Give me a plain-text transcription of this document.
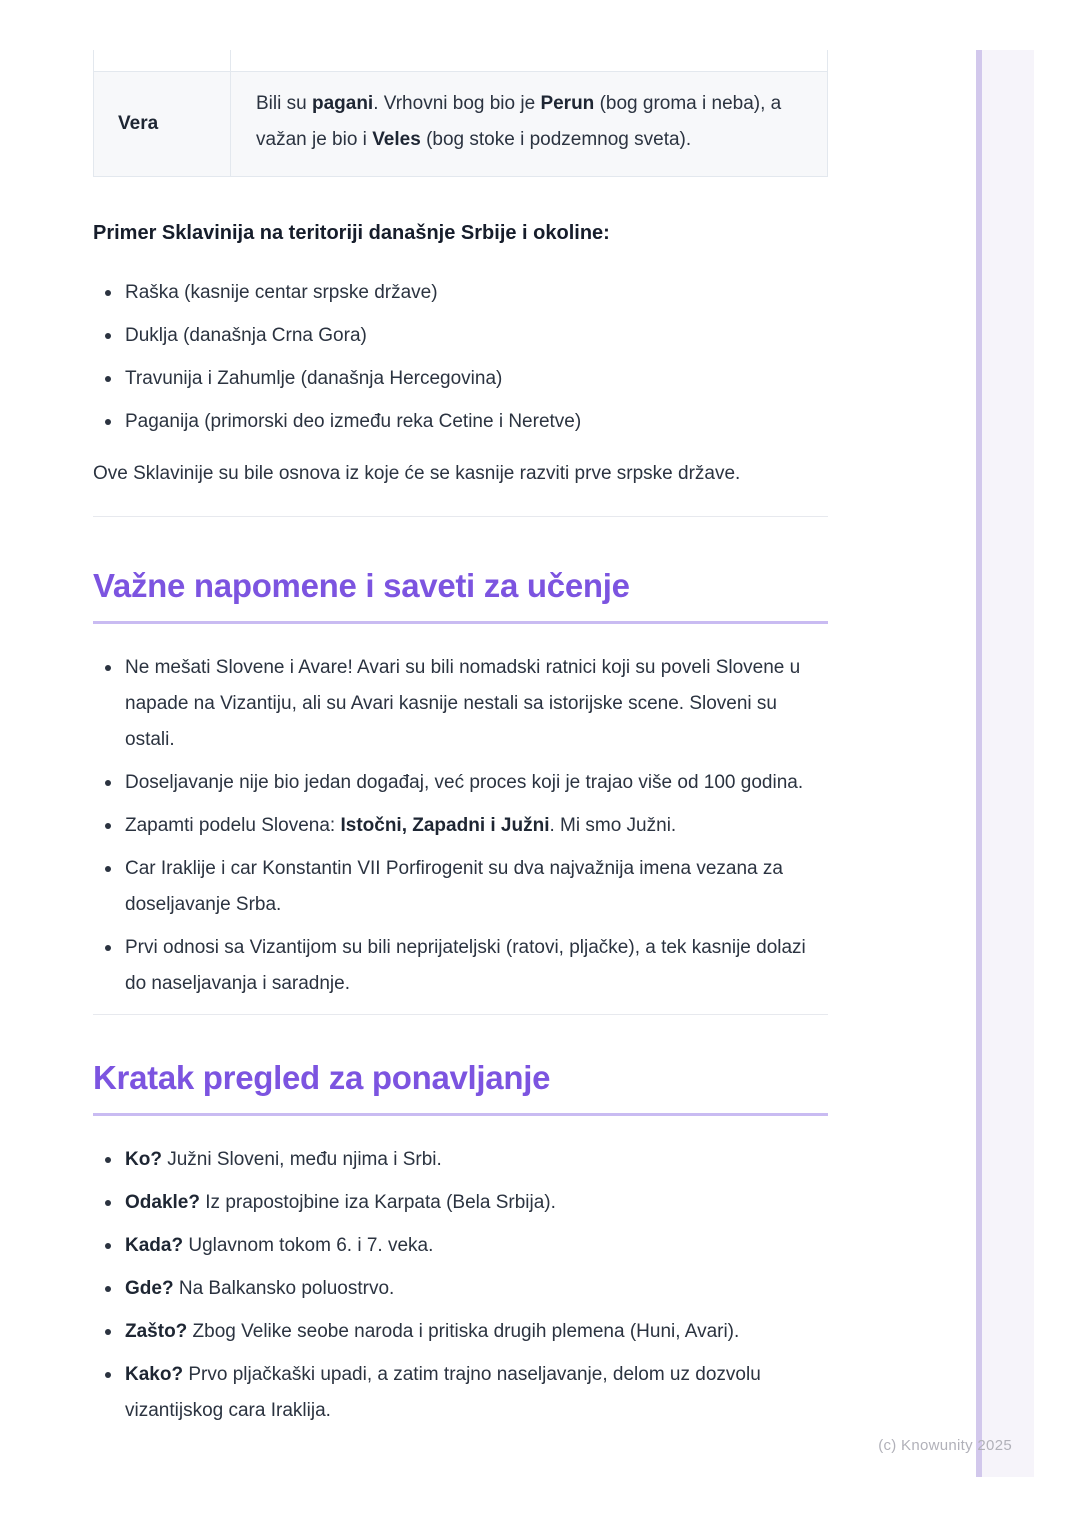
(c) Knowunity 2025

Vera	Bili su pagani. Vrhovni bog bio je Perun (bog groma i neba), a važan je bio i Veles (bog stoke i podzemnog sveta).
Primer Sklavinija na teritoriji današnje Srbije i okoline:
Raška (kasnije centar srpske države)
Duklja (današnja Crna Gora)
Travunija i Zahumlje (današnja Hercegovina)
Paganija (primorski deo između reka Cetine i Neretve)

Ove Sklavinije su bile osnova iz koje će se kasnije razviti prve srpske države.

Važne napomene i saveti za učenje
Ne mešati Slovene i Avare! Avari su bili nomadski ratnici koji su poveli Slovene u napade na Vizantiju, ali su Avari kasnije nestali sa istorijske scene. Sloveni su ostali.
Doseljavanje nije bio jedan događaj, već proces koji je trajao više od 100 godina.
Zapamti podelu Slovena: Istočni, Zapadni i Južni. Mi smo Južni.
Car Iraklije i car Konstantin VII Porfirogenit su dva najvažnija imena vezana za doseljavanje Srba.
Prvi odnosi sa Vizantijom su bili neprijateljski (ratovi, pljačke), a tek kasnije dolazi do naseljavanja i saradnje.
Kratak pregled za ponavljanje
Ko? Južni Sloveni, među njima i Srbi.
Odakle? Iz prapostojbine iza Karpata (Bela Srbija).
Kada? Uglavnom tokom 6. i 7. veka.
Gde? Na Balkansko poluostrvo.
Zašto? Zbog Velike seobe naroda i pritiska drugih plemena (Huni, Avari).
Kako? Prvo pljačkaški upadi, a zatim trajno naseljavanje, delom uz dozvolu vizantijskog cara Iraklija.
